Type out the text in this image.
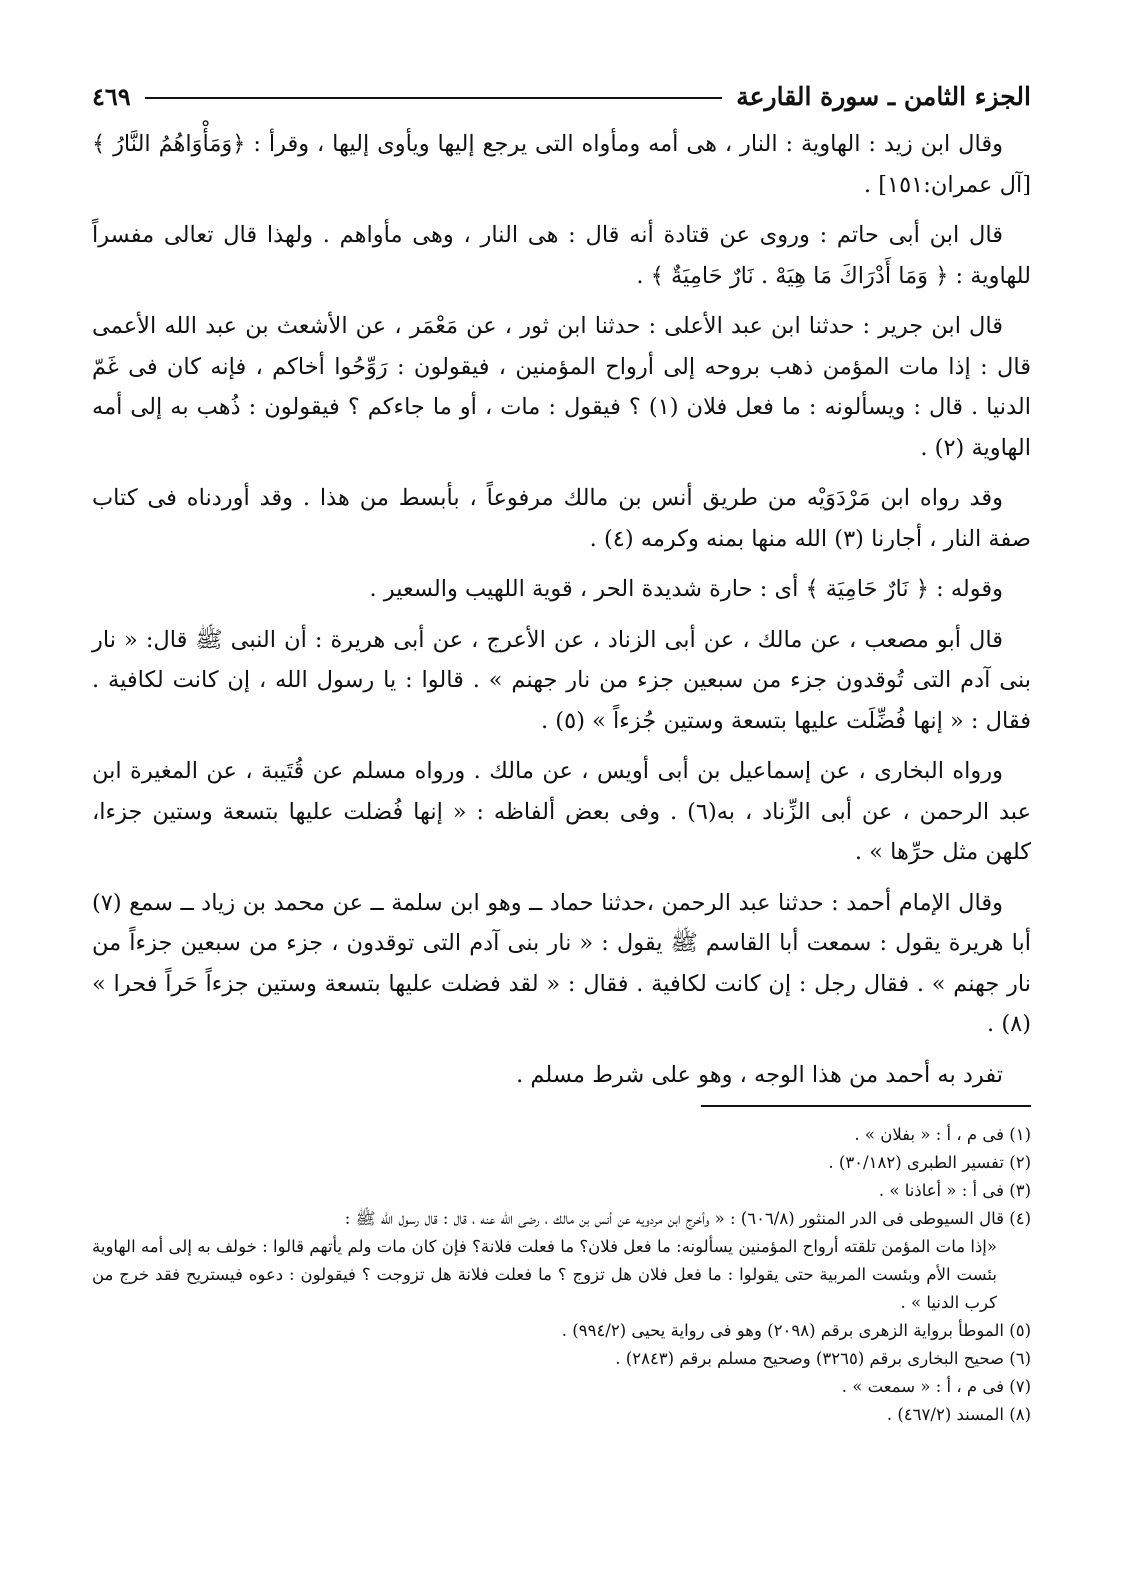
الجزء الثامن ـ سورة القارعة
٤٦٩

وقال ابن زيد : الهاوية : النار ، هى أمه ومأواه التى يرجع إليها ويأوى إليها ، وقرأ : ﴿وَمَأْوَاهُمُ النَّارُ ﴾ [آل عمران:١٥١] .

قال ابن أبى حاتم : وروى عن قتادة أنه قال : هى النار ، وهى مأواهم . ولهذا قال تعالى مفسراً للهاوية : ﴿ وَمَا أَدْرَاكَ مَا هِيَهْ . نَارٌ حَامِيَةٌ ﴾ .

قال ابن جرير : حدثنا ابن عبد الأعلى : حدثنا ابن ثور ، عن مَعْمَر ، عن الأشعث بن عبد الله الأعمى قال : إذا مات المؤمن ذهب بروحه إلى أرواح المؤمنين ، فيقولون : رَوِّحُوا أخاكم ، فإنه كان فى غَمّ الدنيا . قال : ويسألونه : ما فعل فلان (١) ؟ فيقول : مات ، أو ما جاءكم ؟ فيقولون : ذُهب به إلى أمه الهاوية (٢) .

وقد رواه ابن مَرْدَوَيْه من طريق أنس بن مالك مرفوعاً ، بأبسط من هذا . وقد أوردناه فى كتاب صفة النار ، أجارنا (٣) الله منها بمنه وكرمه (٤) .

وقوله : ﴿ نَارٌ حَامِيَة ﴾ أى : حارة شديدة الحر ، قوية اللهيب والسعير .

قال أبو مصعب ، عن مالك ، عن أبى الزناد ، عن الأعرج ، عن أبى هريرة : أن النبى ﷺ قال: « نار بنى آدم التى تُوقدون جزء من سبعين جزء من نار جهنم » . قالوا : يا رسول الله ، إن كانت لكافية . فقال : « إنها فُضِّلَت عليها بتسعة وستين جُزءاً » (٥) .

ورواه البخارى ، عن إسماعيل بن أبى أويس ، عن مالك . ورواه مسلم عن قُتَيبة ، عن المغيرة ابن عبد الرحمن ، عن أبى الزِّناد ، به(٦) . وفى بعض ألفاظه : « إنها فُضلت عليها بتسعة وستين جزءا، كلهن مثل حرِّها » .

وقال الإمام أحمد : حدثنا عبد الرحمن ،حدثنا حماد ــ وهو ابن سلمة ــ عن محمد بن زياد ــ سمع (٧) أبا هريرة يقول : سمعت أبا القاسم ﷺ يقول : « نار بنى آدم التى توقدون ، جزء من سبعين جزءاً من نار جهنم » . فقال رجل : إن كانت لكافية . فقال : « لقد فضلت عليها بتسعة وستين جزءاً حَراً فحرا » (٨) .

تفرد به أحمد من هذا الوجه ، وهو على شرط مسلم .

(١) فى م ، أ : « بفلان » .

(٢) تفسير الطبرى (٣٠/١٨٢) .

(٣) فى أ : « أعاذنا » .

(٤) قال السيوطى فى الدر المنثور (٦٠٦/٨) : « وأخرج ابن مردويه عن أنس بن مالك ، رضى الله عنه ، قال : قال رسول الله ﷺ :

«إذا مات المؤمن تلقته أرواح المؤمنين يسألونه: ما فعل فلان؟ ما فعلت فلانة؟ فإن كان مات ولم يأتهم قالوا : خولف به إلى أمه الهاوية بئست الأم وبئست المربية حتى يقولوا : ما فعل فلان هل تزوج ؟ ما فعلت فلانة هل تزوجت ؟ فيقولون : دعوه فيستريح فقد خرج من كرب الدنيا » .

(٥) الموطأ برواية الزهرى برقم (٢٠٩٨) وهو فى رواية يحيى (٩٩٤/٢) .

(٦) صحيح البخارى برقم (٣٢٦٥) وصحيح مسلم برقم (٢٨٤٣) .

(٧) فى م ، أ : « سمعت » .

(٨) المسند (٤٦٧/٢) .
